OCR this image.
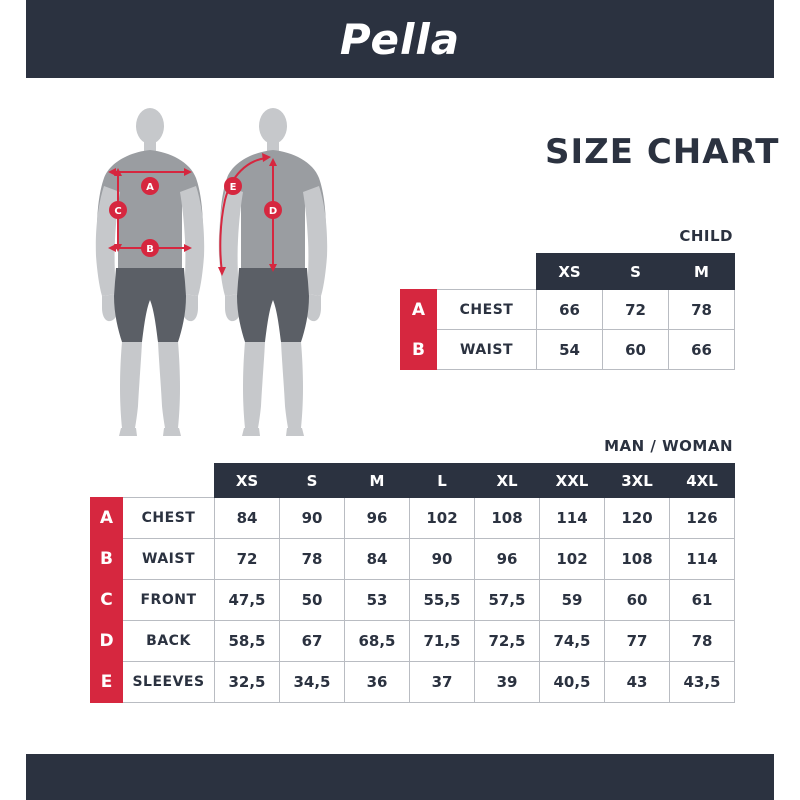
Pella
SIZE CHART
A
C
B
E
D
CHILD
		XS	S	M
A	CHEST	66	72	78
B	WAIST	54	60	66
MAN / WOMAN
		XS	S	M	L	XL	XXL	3XL	4XL
A	CHEST	84	90	96	102	108	114	120	126
B	WAIST	72	78	84	90	96	102	108	114
C	FRONT	47,5	50	53	55,5	57,5	59	60	61
D	BACK	58,5	67	68,5	71,5	72,5	74,5	77	78
E	SLEEVES	32,5	34,5	36	37	39	40,5	43	43,5
